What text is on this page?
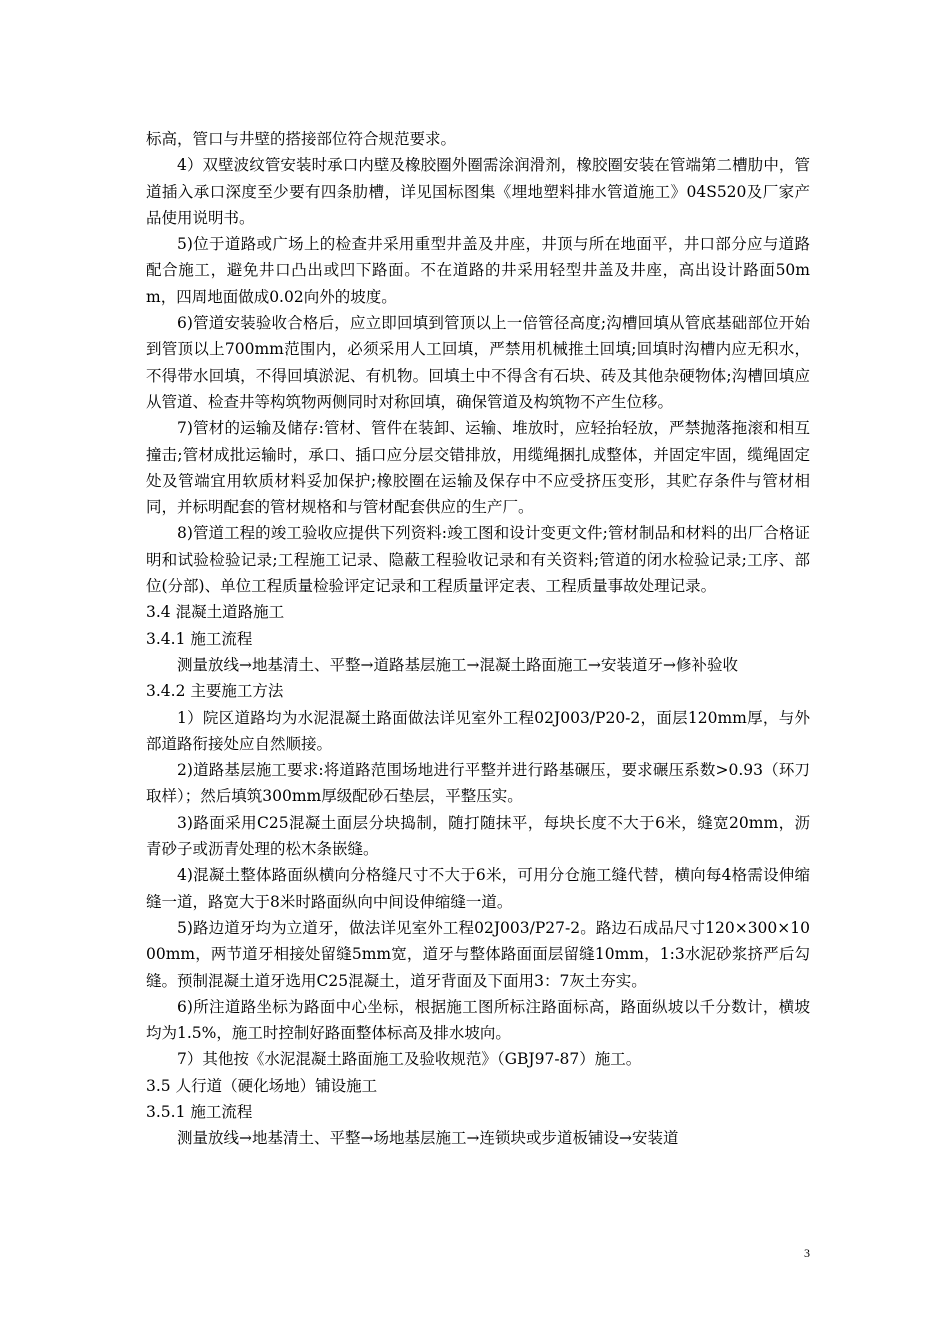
标高，管口与井壁的搭接部位符合规范要求。

4）双壁波纹管安装时承口内壁及橡胶圈外圈需涂润滑剂，橡胶圈安装在管端第二槽肋中，管道插入承口深度至少要有四条肋槽，详见国标图集《埋地塑料排水管道施工》04S520及厂家产品使用说明书。

5)位于道路或广场上的检查井采用重型井盖及井座，井顶与所在地面平，井口部分应与道路配合施工，避免井口凸出或凹下路面。不在道路的井采用轻型井盖及井座，高出设计路面50mm，四周地面做成0.02向外的坡度。

6)管道安装验收合格后，应立即回填到管顶以上一倍管径高度;沟槽回填从管底基础部位开始到管顶以上700mm范围内，必须采用人工回填，严禁用机械推土回填;回填时沟槽内应无积水，不得带水回填，不得回填淤泥、有机物。回填土中不得含有石块、砖及其他杂硬物体;沟槽回填应从管道、检查井等构筑物两侧同时对称回填，确保管道及构筑物不产生位移。

7)管材的运输及储存:管材、管件在装卸、运输、堆放时，应轻抬轻放，严禁抛落拖滚和相互撞击;管材成批运输时，承口、插口应分层交错排放，用缆绳捆扎成整体，并固定牢固，缆绳固定处及管端宜用软质材料妥加保护;橡胶圈在运输及保存中不应受挤压变形，其贮存条件与管材相同，并标明配套的管材规格和与管材配套供应的生产厂。

8)管道工程的竣工验收应提供下列资料:竣工图和设计变更文件;管材制品和材料的出厂合格证明和试验检验记录;工程施工记录、隐蔽工程验收记录和有关资料;管道的闭水检验记录;工序、部位(分部)、单位工程质量检验评定记录和工程质量评定表、工程质量事故处理记录。

3.4 混凝土道路施工

3.4.1 施工流程

测量放线→地基清土、平整→道路基层施工→混凝土路面施工→安装道牙→修补验收

3.4.2 主要施工方法

1）院区道路均为水泥混凝土路面做法详见室外工程02J003/P20-2，面层120mm厚，与外部道路衔接处应自然顺接。

2)道路基层施工要求:将道路范围场地进行平整并进行路基碾压，要求碾压系数>0.93（环刀取样）；然后填筑300mm厚级配砂石垫层，平整压实。

3)路面采用C25混凝土面层分块捣制，随打随抹平，每块长度不大于6米，缝宽20mm，沥青砂子或沥青处理的松木条嵌缝。

4)混凝土整体路面纵横向分格缝尺寸不大于6米，可用分仓施工缝代替，横向每4格需设伸缩缝一道，路宽大于8米时路面纵向中间设伸缩缝一道。

5)路边道牙均为立道牙，做法详见室外工程02J003/P27-2。路边石成品尺寸120×300×1000mm，两节道牙相接处留缝5mm宽，道牙与整体路面面层留缝10mm，1:3水泥砂浆挤严后勾缝。预制混凝土道牙选用C25混凝土，道牙背面及下面用3：7灰土夯实。

6)所注道路坐标为路面中心坐标，根据施工图所标注路面标高，路面纵坡以千分数计，横坡均为1.5%，施工时控制好路面整体标高及排水坡向。

7）其他按《水泥混凝土路面施工及验收规范》（GBJ97-87）施工。

3.5 人行道（硬化场地）铺设施工

3.5.1 施工流程

测量放线→地基清土、平整→场地基层施工→连锁块或步道板铺设→安装道

3
